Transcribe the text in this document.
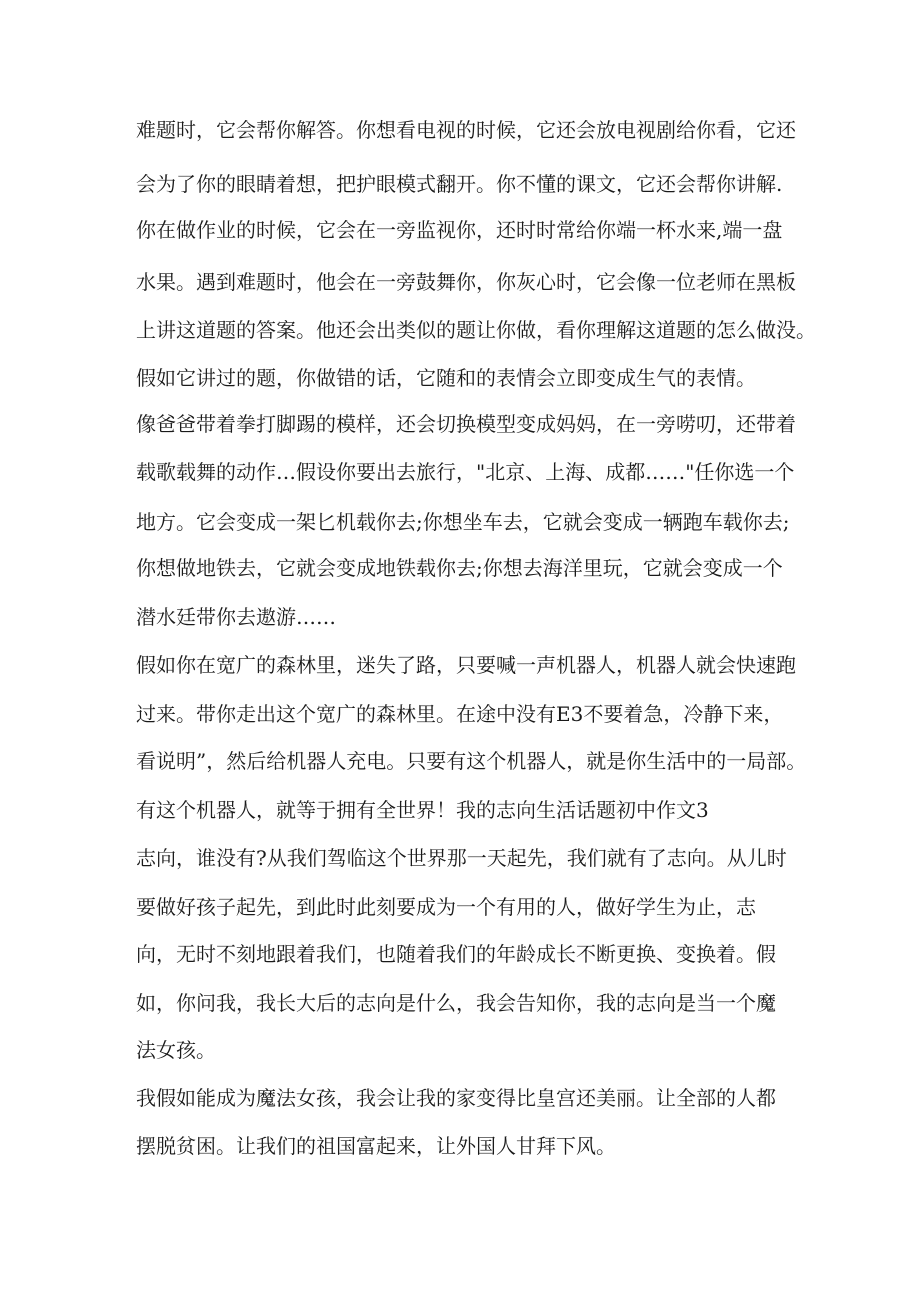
难题时，它会帮你解答。你想看电视的时候，它还会放电视剧给你看，它还

会为了你的眼睛着想，把护眼模式翻开。你不懂的课文，它还会帮你讲解.

你在做作业的时候，它会在一旁监视你，还时时常给你端一杯水来,端一盘

水果。遇到难题时，他会在一旁鼓舞你，你灰心时，它会像一位老师在黑板

上讲这道题的答案。他还会出类似的题让你做，看你理解这道题的怎么做没。

假如它讲过的题，你做错的话，它随和的表情会立即变成生气的表情。

像爸爸带着拳打脚踢的模样，还会切换模型变成妈妈，在一旁唠叨，还带着

载歌载舞的动作…假设你要出去旅行，"北京、上海、成都……"任你选一个

地方。它会变成一架匕机载你去;你想坐车去，它就会变成一辆跑车载你去;

你想做地铁去，它就会变成地铁载你去;你想去海洋里玩，它就会变成一个

潜水廷带你去遨游……

假如你在宽广的森林里，迷失了路，只要喊一声机器人，机器人就会快速跑

过来。带你走出这个宽广的森林里。在途中没有E3不要着急，冷静下来，

看说明”，然后给机器人充电。只要有这个机器人，就是你生活中的一局部。

有这个机器人，就等于拥有全世界！我的志向生活话题初中作文3

志向，谁没有?从我们驾临这个世界那一天起先，我们就有了志向。从儿时

要做好孩子起先，到此时此刻要成为一个有用的人，做好学生为止，志

向，无时不刻地跟着我们，也随着我们的年龄成长不断更换、变换着。假

如，你问我，我长大后的志向是什么，我会告知你，我的志向是当一个魔

法女孩。

我假如能成为魔法女孩，我会让我的家变得比皇宫还美丽。让全部的人都

摆脱贫困。让我们的祖国富起来，让外国人甘拜下风。
